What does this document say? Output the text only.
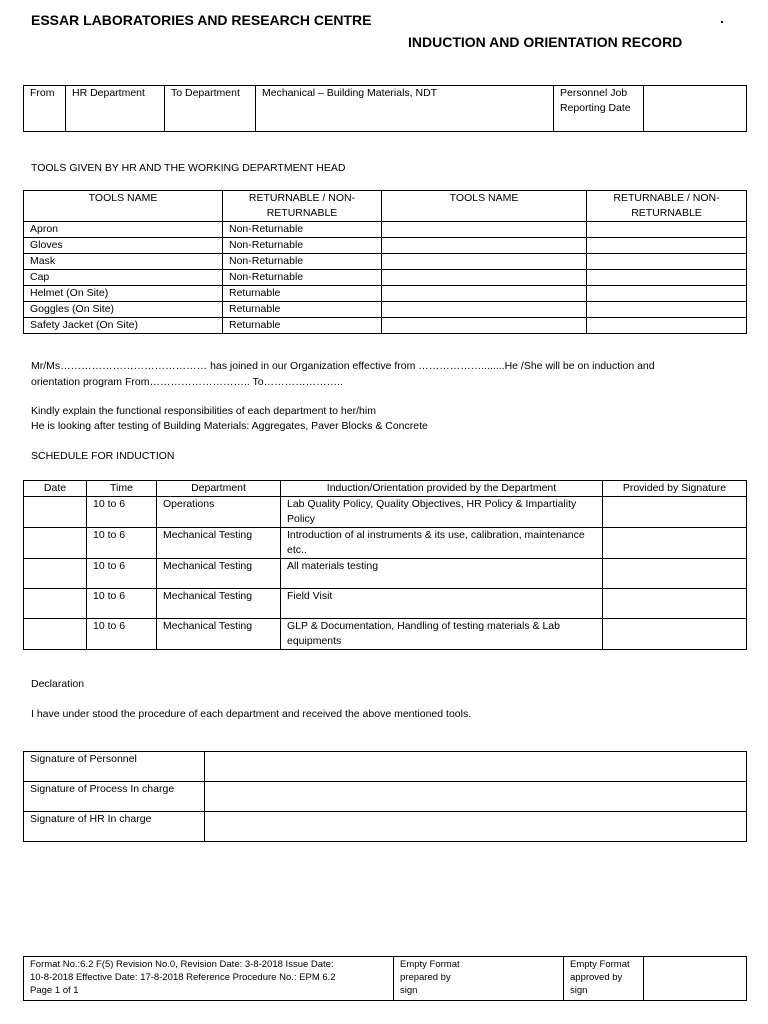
ESSAR LABORATORIES AND RESEARCH CENTRE	.
INDUCTION AND ORIENTATION RECORD
From	HR Department	To Department	Mechanical – Building Materials, NDT	Personnel Job Reporting Date	
TOOLS GIVEN BY HR AND THE WORKING DEPARTMENT HEAD
TOOLS NAME	RETURNABLE / NON-RETURNABLE	TOOLS NAME	RETURNABLE / NON-RETURNABLE
Apron	Non-Returnable		
Gloves	Non-Returnable		
Mask	Non-Returnable		
Cap	Non-Returnable		
Helmet (On Site)	Returnable		
Goggles (On Site)	Returnable		
Safety Jacket (On Site)	Returnable		
Mr/Ms…………………………………… has joined in our Organization effective from ………………........He /She will be on induction and
orientation program From……………………….. To…………………..
Kindly explain the functional responsibilities of each department to her/him
He is looking after testing of Building Materials: Aggregates, Paver Blocks & Concrete
SCHEDULE FOR INDUCTION
Date	Time	Department	Induction/Orientation provided by the Department	Provided by Signature
	10 to 6	Operations	Lab Quality Policy, Quality Objectives, HR Policy & Impartiality Policy	
	10 to 6	Mechanical Testing	Introduction of al instruments & its use, calibration, maintenance etc..	
	10 to 6	Mechanical Testing	All materials testing	
	10 to 6	Mechanical Testing	Field Visit	
	10 to 6	Mechanical Testing	GLP & Documentation, Handling of testing materials & Lab equipments	
Declaration
I have under stood the procedure of each department and received the above mentioned tools.
Signature of Personnel	
Signature of Process In charge	
Signature of HR In charge	
Format No.:6.2 F(5) Revision No.0, Revision Date: 3-8-2018 Issue Date:
10-8-2018 Effective Date: 17-8-2018 Reference Procedure No.: EPM 6.2
Page 1 of 1
	Empty Format prepared by sign	Empty Format approved by sign	
